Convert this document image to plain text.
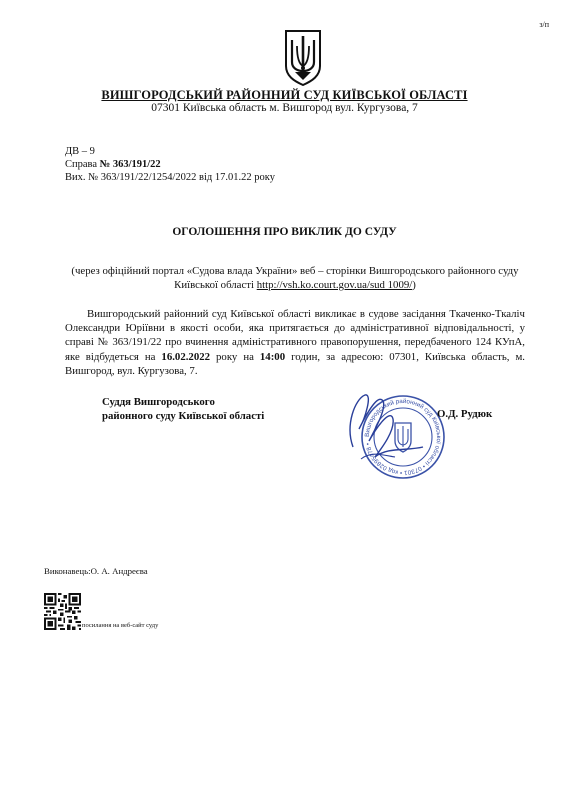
з/п
ВИШГОРОДСЬКИЙ РАЙОННИЙ СУД КИЇВСЬКОЇ ОБЛАСТІ
07301 Київська область м. Вишгород вул. Кургузова, 7
ДВ – 9
Справа № 363/191/22
Вих. № 363/191/22/1254/2022 від 17.01.22 року
ОГОЛОШЕННЯ ПРО ВИКЛИК ДО СУДУ
(через офіційний портал «Судова влада України» веб – сторінки Вишгородського районного суду Київської області http://vsh.ko.court.gov.ua/sud 1009/)
Вишгородський районний суд Київської області викликає в судове засідання Ткаченко-Ткаліч Олександри Юріївни в якості особи, яка притягається до адміністративної відповідальності, у справі № 363/191/22 про вчинення адміністративного правопорушення, передбаченого 124 КУпА, яке відбудеться на 16.02.2022 року на 14:00 годин, за адресою: 07301, Київська область, м. Вишгород, вул. Кургузова, 7.
Суддя Вишгородського
районного суду Київської області
Вишгородський районний суд Київської області • 07301 • код 02895478 •
О.Д. Рудюк
Виконавець:О. А. Андреєва
посилання на веб-сайт суду
